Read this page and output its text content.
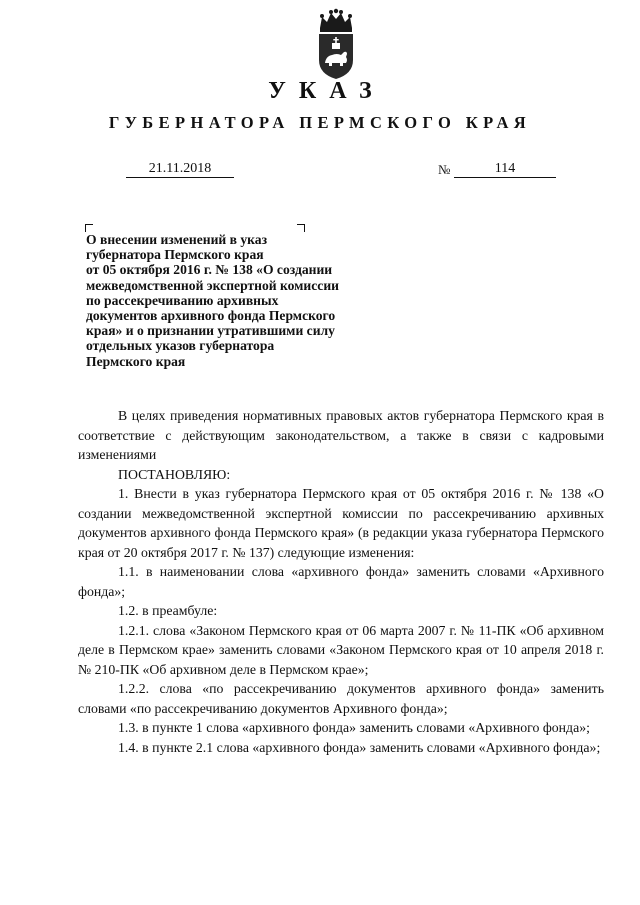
УКАЗ
ГУБЕРНАТОРА ПЕРМСКОГО КРАЯ
21.11.2018	№	114
О внесении изменений в указ
губернатора Пермского края
от 05 октября 2016 г. № 138 «О создании
межведомственной экспертной комиссии
по рассекречиванию архивных
документов архивного фонда Пермского
края» и о признании утратившими силу
отдельных указов губернатора
Пермского края

В целях приведения нормативных правовых актов губернатора Пермского края в соответствие с действующим законодательством, а также в связи с кадровыми изменениями

ПОСТАНОВЛЯЮ:

1. Внести в указ губернатора Пермского края от 05 октября 2016 г. № 138 «О создании межведомственной экспертной комиссии по рассекречиванию архивных документов архивного фонда Пермского края» (в редакции указа губернатора Пермского края от 20 октября 2017 г. № 137) следующие изменения:

1.1. в наименовании слова «архивного фонда» заменить словами «Архивного фонда»;

1.2. в преамбуле:

1.2.1. слова «Законом Пермского края от 06 марта 2007 г. № 11-ПК «Об архивном деле в Пермском крае» заменить словами «Законом Пермского края от 10 апреля 2018 г. № 210-ПК «Об архивном деле в Пермском крае»;

1.2.2. слова «по рассекречиванию документов архивного фонда» заменить словами «по рассекречиванию документов Архивного фонда»;

1.3. в пункте 1 слова «архивного фонда» заменить словами «Архивного фонда»;

1.4. в пункте 2.1 слова «архивного фонда» заменить словами «Архивного фонда»;
